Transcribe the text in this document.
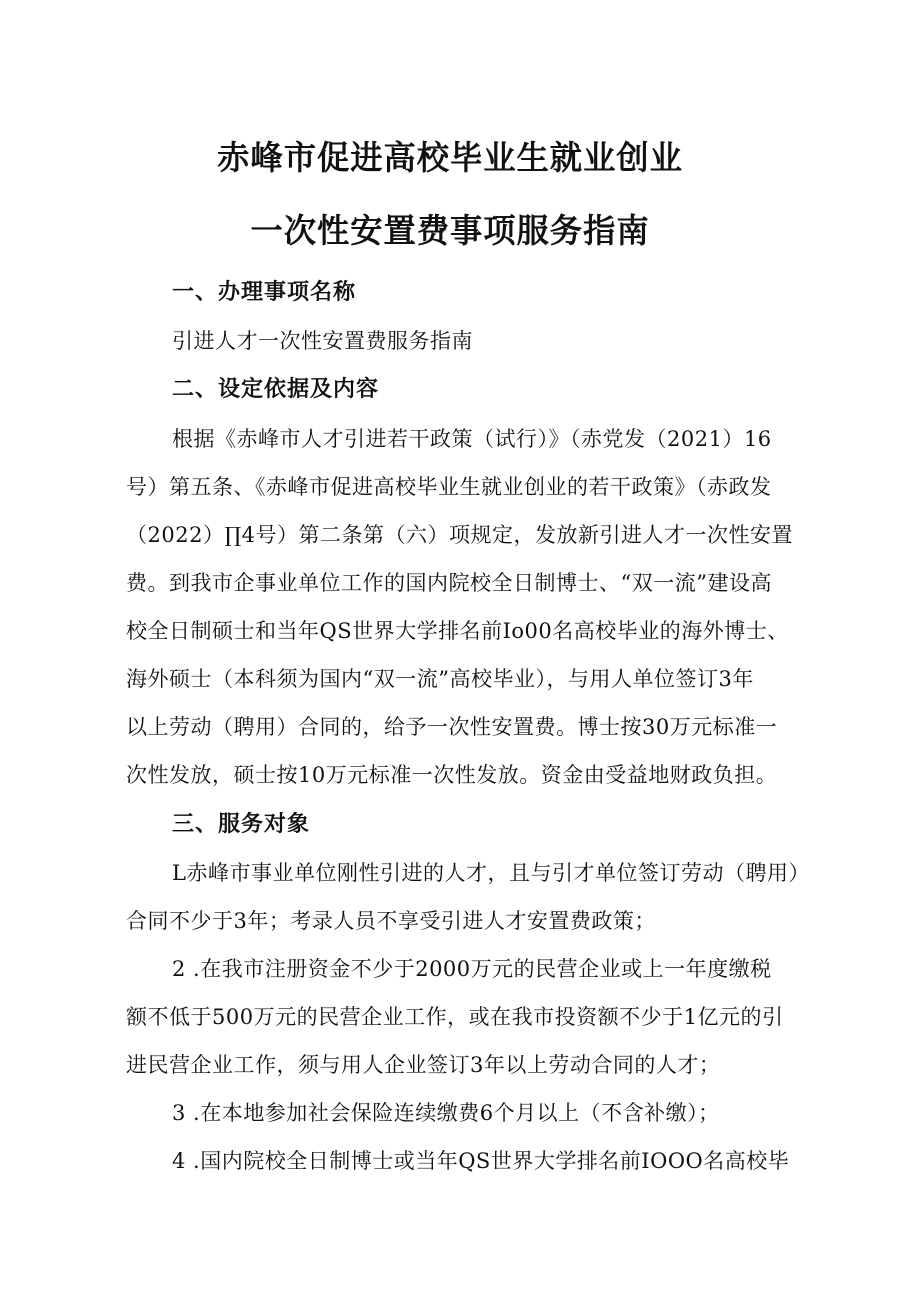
赤峰市促进高校毕业生就业创业
一次性安置费事项服务指南
一、办理事项名称
引进人才一次性安置费服务指南
二、设定依据及内容
根据《赤峰市人才引进若干政策（试行）》（赤党发（2021）16
号）第五条、《赤峰市促进高校毕业生就业创业的若干政策》（赤政发
（2022）∏4号）第二条第（六）项规定，发放新引进人才一次性安置
费。到我市企事业单位工作的国内院校全日制博士、“双一流”建设高
校全日制硕士和当年QS世界大学排名前Io00名高校毕业的海外博士、
海外硕士（本科须为国内“双一流”高校毕业），与用人单位签订3年
以上劳动（聘用）合同的，给予一次性安置费。博士按30万元标准一
次性发放，硕士按10万元标准一次性发放。资金由受益地财政负担。
三、服务对象
L赤峰市事业单位刚性引进的人才，且与引才单位签订劳动（聘用）
合同不少于3年；考录人员不享受引进人才安置费政策；
2 .在我市注册资金不少于2000万元的民营企业或上一年度缴税
额不低于500万元的民营企业工作，或在我市投资额不少于1亿元的引
进民营企业工作，须与用人企业签订3年以上劳动合同的人才；
3 .在本地参加社会保险连续缴费6个月以上（不含补缴）；
4 .国内院校全日制博士或当年QS世界大学排名前IOOO名高校毕
